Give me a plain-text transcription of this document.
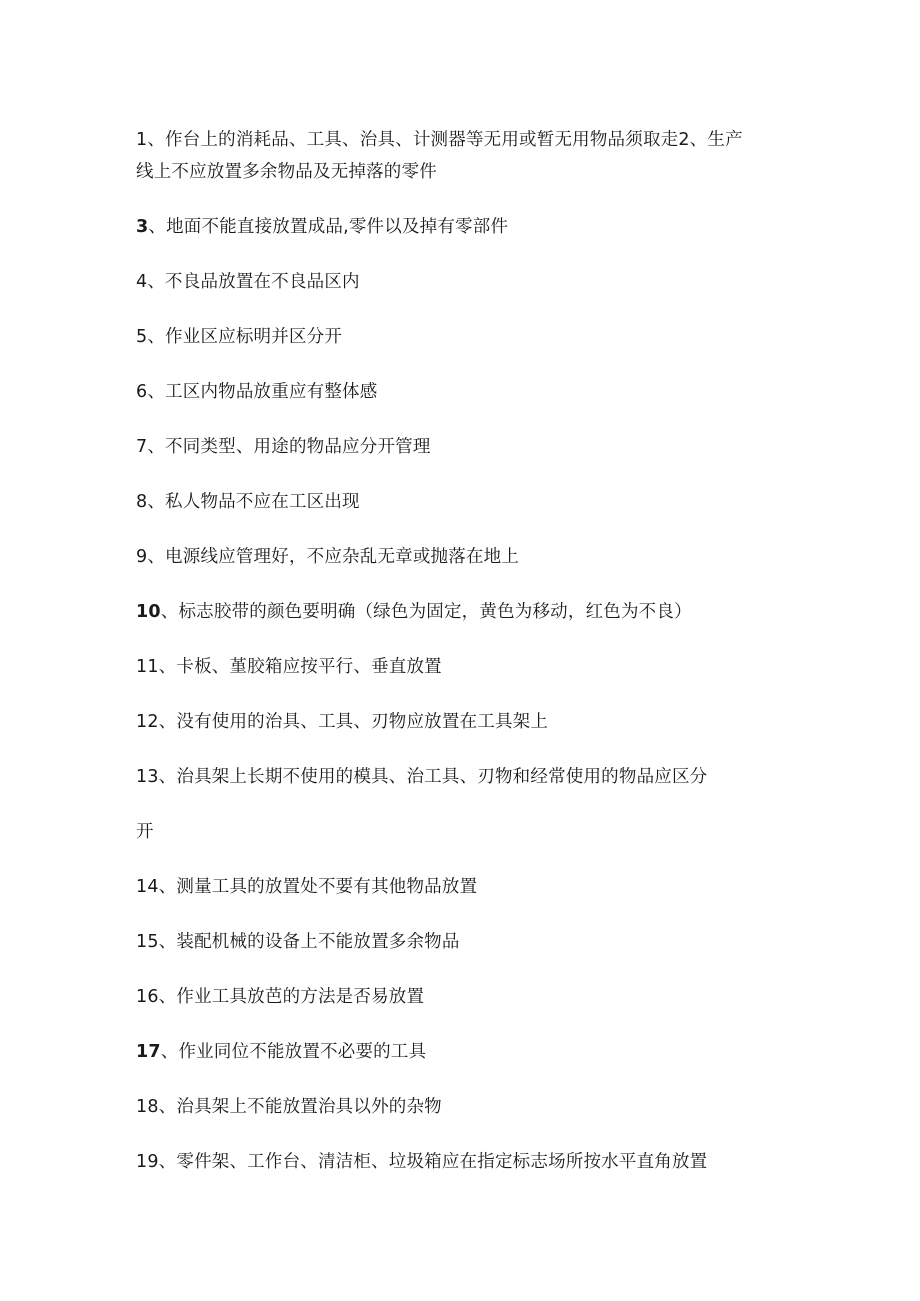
1、作台上的消耗品、工具、治具、计测器等无用或暂无用物品须取走2、生产
线上不应放置多余物品及无掉落的零件
3、地面不能直接放置成品,零件以及掉有零部件
4、不良品放置在不良品区内
5、作业区应标明并区分开
6、工区内物品放重应有整体感
7、不同类型、用途的物品应分开管理
8、私人物品不应在工区出现
9、电源线应管理好，不应杂乱无章或抛落在地上
10、标志胶带的颜色要明确（绿色为固定，黄色为移动，红色为不良）
11、卡板、堇胶箱应按平行、垂直放置
12、没有使用的治具、工具、刃物应放置在工具架上
13、治具架上长期不使用的模具、治工具、刃物和经常使用的物品应区分
开
14、测量工具的放置处不要有其他物品放置
15、装配机械的设备上不能放置多余物品
16、作业工具放芭的方法是否易放置
17、作业同位不能放置不必要的工具
18、治具架上不能放置治具以外的杂物
19、零件架、工作台、清洁柜、垃圾箱应在指定标志场所按水平直角放置
